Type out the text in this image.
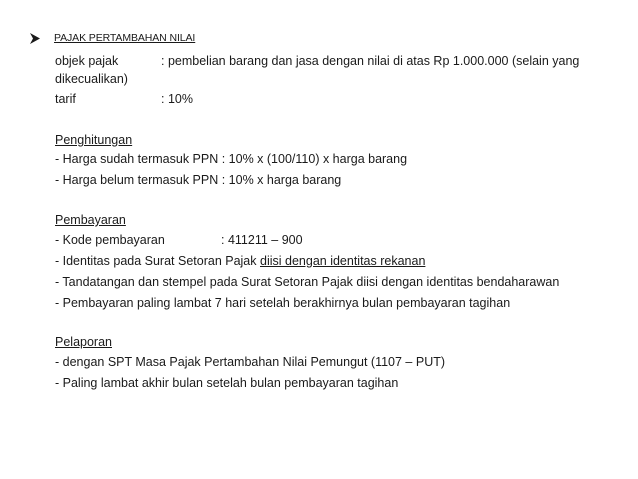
PAJAK PERTAMBAHAN NILAI
objek pajak	: pembelian barang dan jasa dengan nilai di atas Rp 1.000.000 (selain yang
dikecualikan)
tarif	: 10%
Penghitungan
- Harga sudah termasuk PPN : 10% x (100/110) x harga barang
- Harga belum termasuk PPN : 10% x harga barang
Pembayaran
- Kode pembayaran	: 411211 – 900
- Identitas pada Surat Setoran Pajak diisi dengan identitas rekanan
- Tandatangan dan stempel pada Surat Setoran Pajak diisi dengan identitas bendaharawan
- Pembayaran paling lambat 7 hari setelah berakhirnya bulan pembayaran tagihan
Pelaporan
- dengan SPT Masa Pajak Pertambahan Nilai Pemungut (1107 – PUT)
- Paling lambat akhir bulan setelah bulan pembayaran tagihan
